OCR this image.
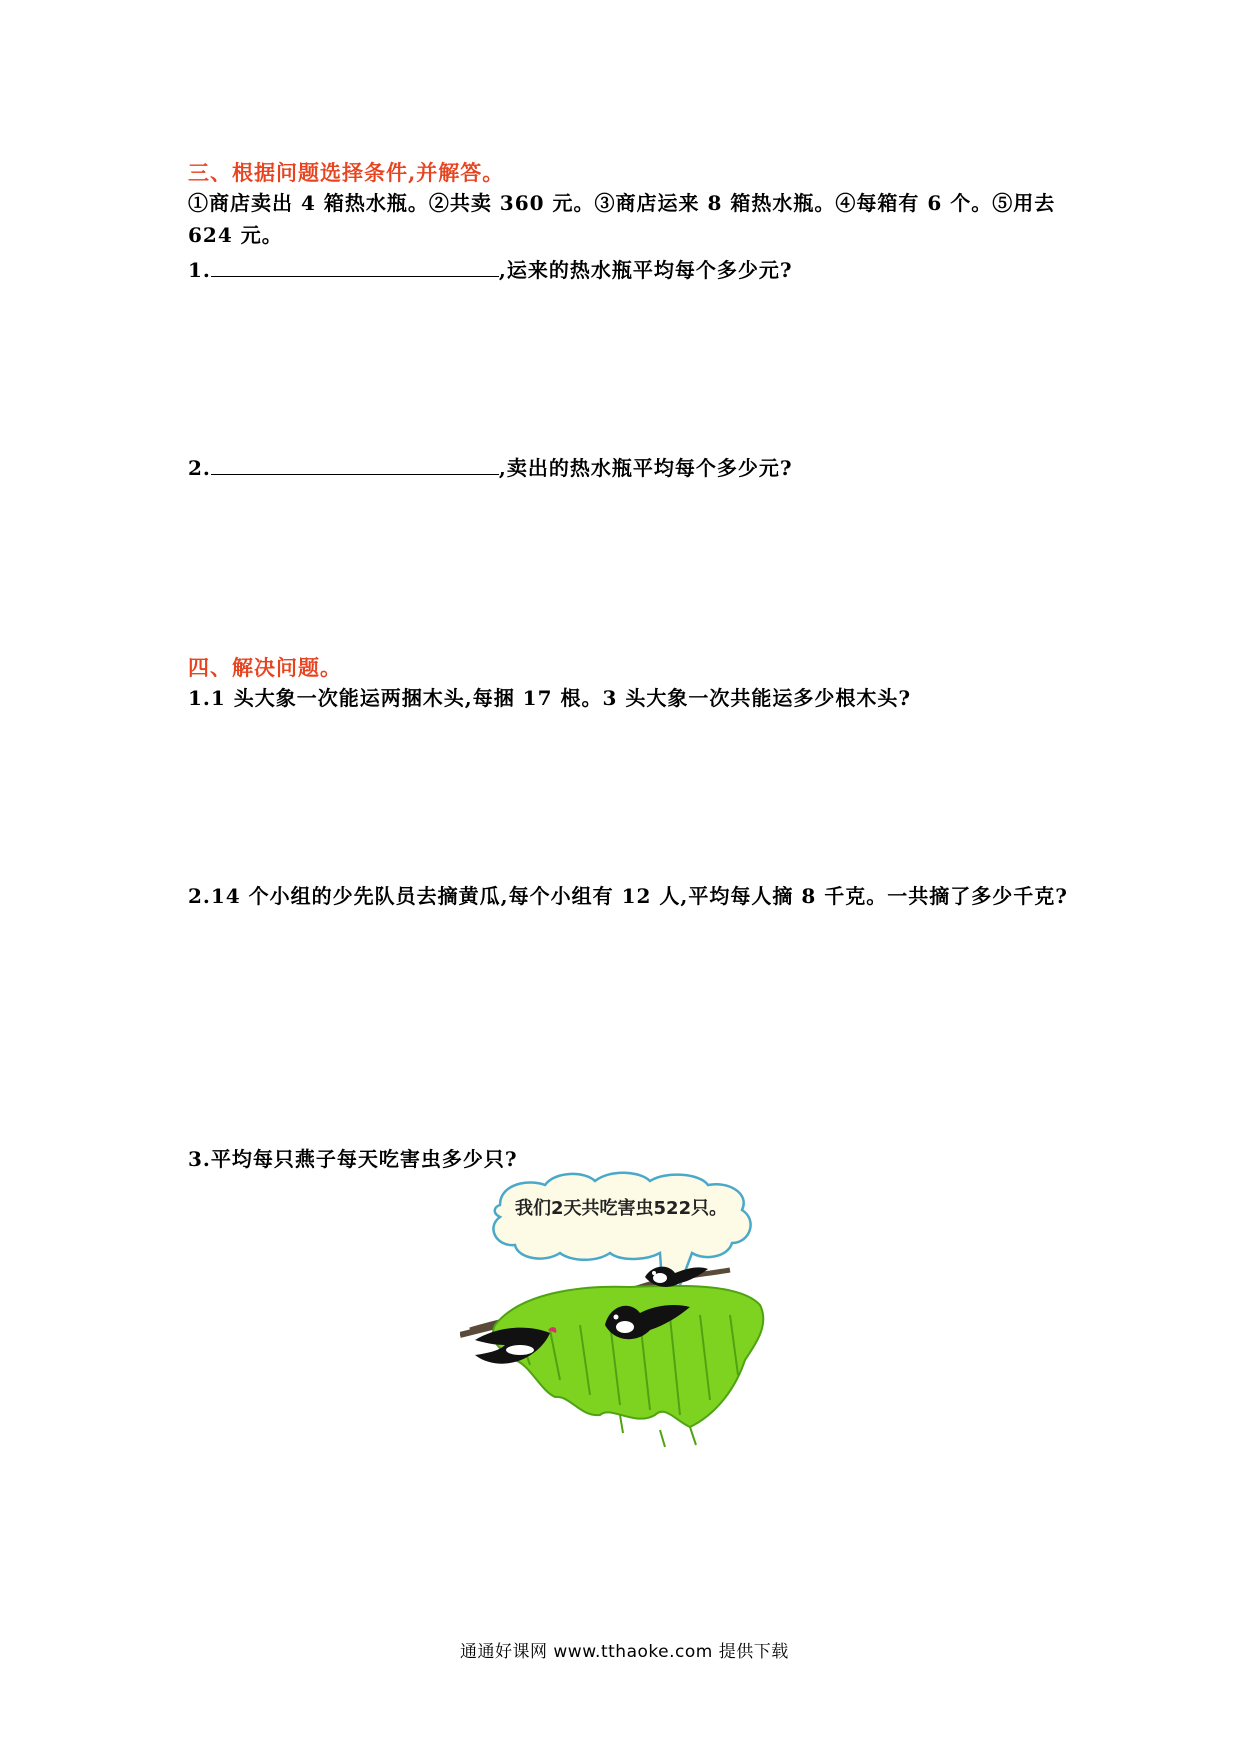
三、根据问题选择条件,并解答。
①商店卖出 4 箱热水瓶。②共卖 360 元。③商店运来 8 箱热水瓶。④每箱有 6 个。⑤用去
624 元。
1.	,运来的热水瓶平均每个多少元?
2.	,卖出的热水瓶平均每个多少元?
四、解决问题。
1.1 头大象一次能运两捆木头,每捆 17 根。3 头大象一次共能运多少根木头?
2.14 个小组的少先队员去摘黄瓜,每个小组有 12 人,平均每人摘 8 千克。一共摘了多少千克?
3.平均每只燕子每天吃害虫多少只?
我们2天共吃害虫522只。
通通好课网 www.tthaoke.com 提供下载
